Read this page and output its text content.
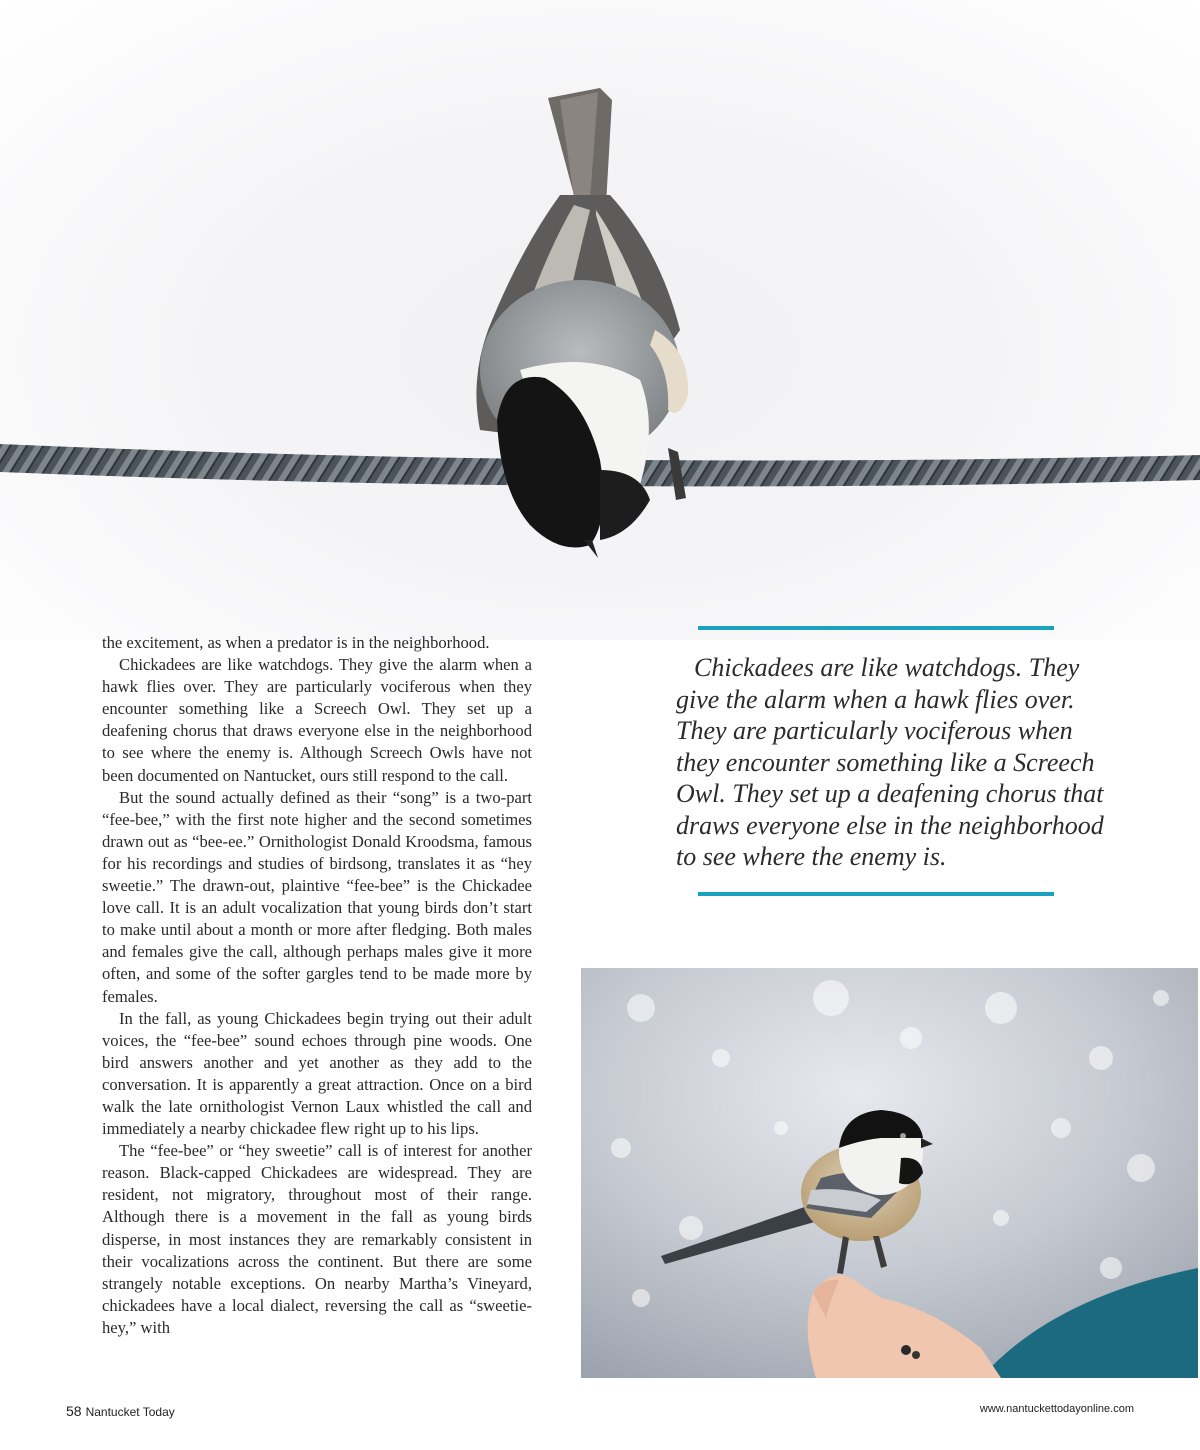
the excitement, as when a predator is in the neighborhood.

Chickadees are like watchdogs. They give the alarm when a hawk flies over. They are particularly vociferous when they encounter something like a Screech Owl. They set up a deafening chorus that draws everyone else in the neighborhood to see where the enemy is. Although Screech Owls have not been documented on Nantucket, ours still respond to the call.

But the sound actually defined as their “song” is a two-part “fee-bee,” with the first note higher and the second sometimes drawn out as “bee-ee.” Ornithologist Donald Kroodsma, famous for his recordings and studies of birdsong, translates it as “hey sweetie.” The drawn-out, plaintive “fee-bee” is the Chickadee love call. It is an adult vocalization that young birds don’t start to make until about a month or more after fledging. Both males and females give the call, although perhaps males give it more often, and some of the softer gargles tend to be made more by females.

In the fall, as young Chickadees begin trying out their adult voices, the “fee-bee” sound echoes through pine woods. One bird answers another and yet another as they add to the conversation. It is apparently a great attraction. Once on a bird walk the late ornithologist Vernon Laux whistled the call and immediately a nearby chickadee flew right up to his lips.

The “fee-bee” or “hey sweetie” call is of interest for another reason. Black-capped Chickadees are widespread. They are resident, not migratory, throughout most of their range. Although there is a movement in the fall as young birds disperse, in most instances they are remarkably consistent in their vocalizations across the continent. But there are some strangely notable exceptions. On nearby Martha’s Vineyard, chickadees have a local dialect, reversing the call as “sweetie-hey,” with

Chickadees are like watchdogs. They give the alarm when a hawk flies over. They are particularly vociferous when they encounter something like a Screech Owl. They set up a deafening chorus that draws everyone else in the neighborhood to see where the enemy is.
58 Nantucket Today	www.nantuckettodayonline.com
